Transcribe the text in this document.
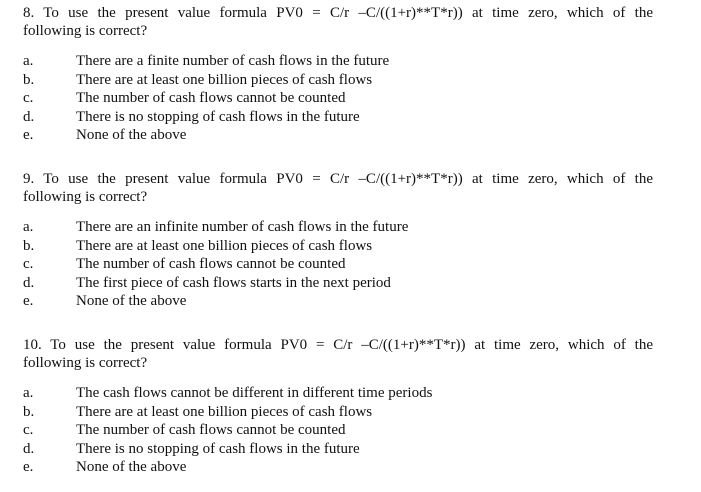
8. To use the present value formula PV0 = C/r –C/((1+r)**T*r)) at time zero, which of the
following is correct?
a.	There are a finite number of cash flows in the future
b.	There are at least one billion pieces of cash flows
c.	The number of cash flows cannot be counted
d.	There is no stopping of cash flows in the future
e.	None of the above
9. To use the present value formula PV0 = C/r –C/((1+r)**T*r)) at time zero, which of the
following is correct?
a.	There are an infinite number of cash flows in the future
b.	There are at least one billion pieces of cash flows
c.	The number of cash flows cannot be counted
d.	The first piece of cash flows starts in the next period
e.	None of the above
10. To use the present value formula PV0 = C/r –C/((1+r)**T*r)) at time zero, which of the
following is correct?
a.	The cash flows cannot be different in different time periods
b.	There are at least one billion pieces of cash flows
c.	The number of cash flows cannot be counted
d.	There is no stopping of cash flows in the future
e.	None of the above
